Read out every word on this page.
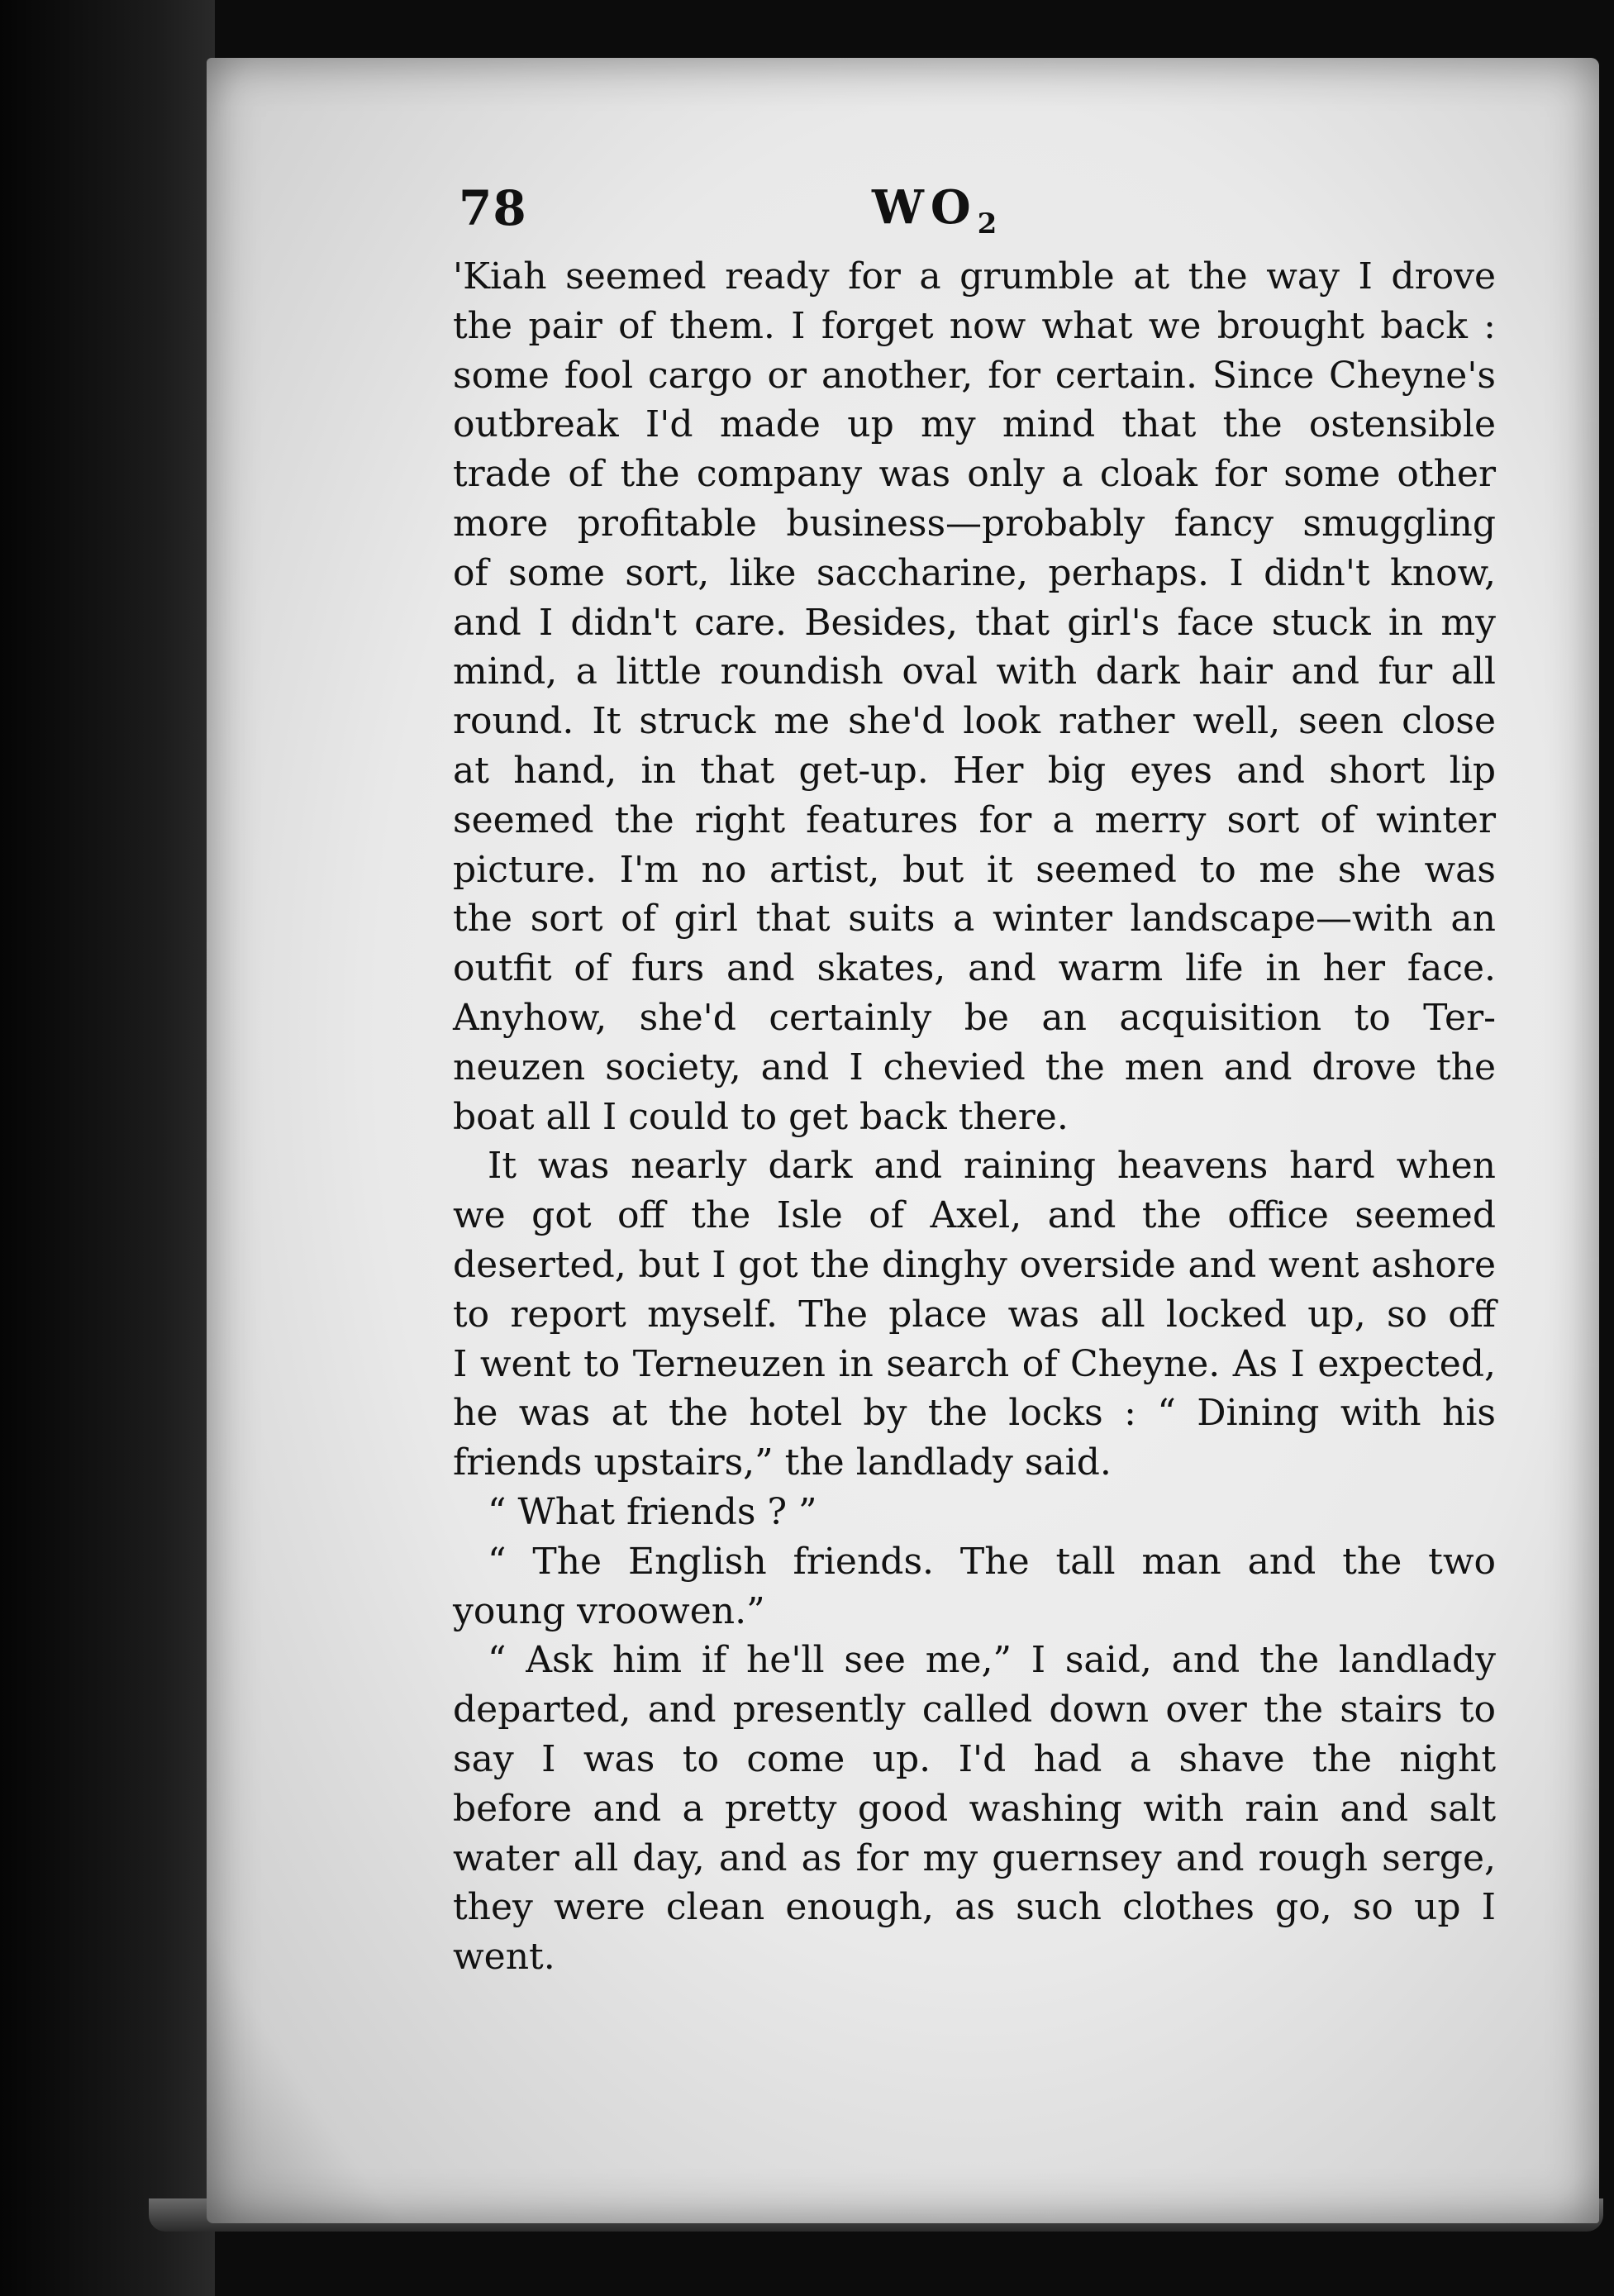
78	$WO_2$
'Kiah seemed ready for a grumble at the way I drove
the pair of them. I forget now what we brought back :
some fool cargo or another, for certain. Since Cheyne's
outbreak I'd made up my mind that the ostensible
trade of the company was only a cloak for some other
more profitable business—probably fancy smuggling
of some sort, like saccharine, perhaps. I didn't know,
and I didn't care. Besides, that girl's face stuck in my
mind, a little roundish oval with dark hair and fur all
round. It struck me she'd look rather well, seen close
at hand, in that get-up. Her big eyes and short lip
seemed the right features for a merry sort of winter
picture. I'm no artist, but it seemed to me she was
the sort of girl that suits a winter landscape—with an
outfit of furs and skates, and warm life in her face.
Anyhow, she'd certainly be an acquisition to Ter-
neuzen society, and I chevied the men and drove the
boat all I could to get back there.
It was nearly dark and raining heavens hard when
we got off the Isle of Axel, and the office seemed
deserted, but I got the dinghy overside and went ashore
to report myself. The place was all locked up, so off
I went to Terneuzen in search of Cheyne. As I expected,
he was at the hotel by the locks : “ Dining with his
friends upstairs,” the landlady said.
“ What friends ? ”
“ The English friends. The tall man and the two
young vroowen.”
“ Ask him if he'll see me,” I said, and the landlady
departed, and presently called down over the stairs to
say I was to come up. I'd had a shave the night
before and a pretty good washing with rain and salt
water all day, and as for my guernsey and rough serge,
they were clean enough, as such clothes go, so up I
went.
